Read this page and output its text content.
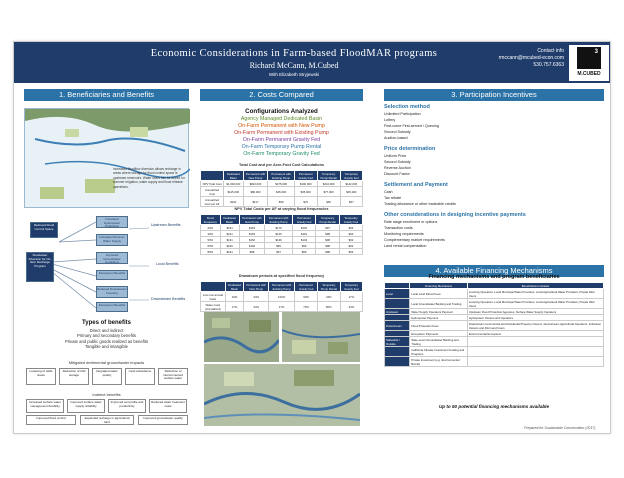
Economic Considerations in Farm-based FloodMAR programs
Richard McCann, M.Cubed
With Elizabeth Stryjewski
Contact info
rmccann@mcubed-econ.com
530.757.6363
3
M.CUBED
1. Beneficiaries and Benefits	2. Costs Compared	3. Participation Incentives
4. Available Financing Mechanisms
Increased floodflow diversion allows recharge in areas where storage for flood control space is upstream reservoirs. Water users can be stored for summer irrigation, water supply and flood release operations.
Reduced Flood Control Space
Floodwater Diversion for On-farm Recharge Program
Increased Hydropower Production
Increased Summer Water Supply
Improved Groundwater Conditions
Ecosystem Benefits
Reduced Downstream Flooding
Ecosystem Benefits
Upstream Benefits
Local Benefits
Downstream Benefits
Types of benefits
Direct and indirect
Primary and secondary benefits
Private and public goods realized as benefits
Tangible and intangible
Mitigated detrimental groundwater impacts
Lowering of wells levels
Reduction of GW storage
Degraded water quality
Land subsidence	Reduction of interconnected surface water
Indirect benefits
Increased surface water management flexibility
Improved surface water supply reliability
Improved soil profile and productivity
Reduced water treatment costs
Improved flood control	Expanded recharge in agricultural land
Improved groundwater quality
Configurations Analyzed
Agency Managed Dedicated Basin
On-Farm Permanent with New Pump
On-Farm Permanent with Existing Pump
On-Farm Permanent Gravity Fed
On-Farm Temporary Pump Rental
On-Farm Temporary Gravity Fed
Total Cost and per Acre-Foot Cost Calculations
	Dedicated Basin	Permanent with New Pump	Permanent with Existing Pump	Permanent Gravity Fed	Temporary Pump Rental	Temporary Gravity Fed
NPV Total Cost	$1,000,000	$810,000	$475,000	$190,000	$210,000	$142,000
Annualized Cost	$115,000	$86,000	$45,000	$65,000	$77,000	$45,000
Annualized Cost per AF	$161	$117	$59	$76	$52	$37
NPV Total Costs per AF at varying flood frequencies
Flood Frequency	Dedicated Basin	Permanent with New Pump	Permanent with Existing Pump	Permanent Gravity Fed	Temporary Pump Rental	Temporary Gravity Fed
20%	$131	$154	$176	$120	$97	$62
30%	$131	$153	$145	$119	$98	$62
50%	$131	$152	$136	$104	$98	$62
60%	$136	$102	$95	$96	$98	$62
80%	$131	$98	$97	$96	$98	$62
Drawdown periods at specified flood frequency
	Dedicated Basin	Permanent with New Pump	Permanent with Existing Pump	Permanent Gravity Fed	Temporary Pump Rental	Temporary Gravity Fed
Low cost annual basis	34%	34%	100%	90%	34%	17%
Water costs (Annualized)	17%	34%	17%	70%	80%	34%
Selection method
Unlimited Participation
Lottery
First-come First-served / Queuing
Second Subsidy
Auction-based
Price determination
Uniform Price
Second Subsidy
Reverse Auction
Discount Factor
Settlement and Payment
Cash
Tax rebate
Trading allowance or other tradeable credits
Other considerations in designing incentive payments
Rate stage enrollment or options
Transaction costs
Monitoring requirements
Complementary market requirements
Land rental compensation
Financing mechanisms and program beneficiaries
	Financing Mechanism	Beneficiaries Included
Local	Local Land Parcel Fees	Local Ag Operators, Local Municipal Water Providers, Local Agricultural Water Providers, Private Well Users
	Local Groundwater Banking and Trading	Local Ag Operators, Local Municipal Water Providers, Local Agricultural Water Providers, Private Well Users
Upstream	Water Supply Operators Payment	Upstream Flood Protection Agencies, Surface Water Supply Operators
	Hydropower Payment	Hydropower Owners and Operators
Downstream	Flood Protection Fees	Downstream Commercial and Residential Property Owners, Downstream Agricultural Operators, Individual Owners and Dist Land Users
	Ecosystem Payments	Environmental Ecosystem
Statewide / Outside	State-Level Groundwater Banking and Trading	
	California Climate Investment Funding and Programs	
	Private Investment (e.g. Environmental Bonds)	
Up to 50 potential financing mechanisms available
Prepared for Sustainable Conservation (2017)
